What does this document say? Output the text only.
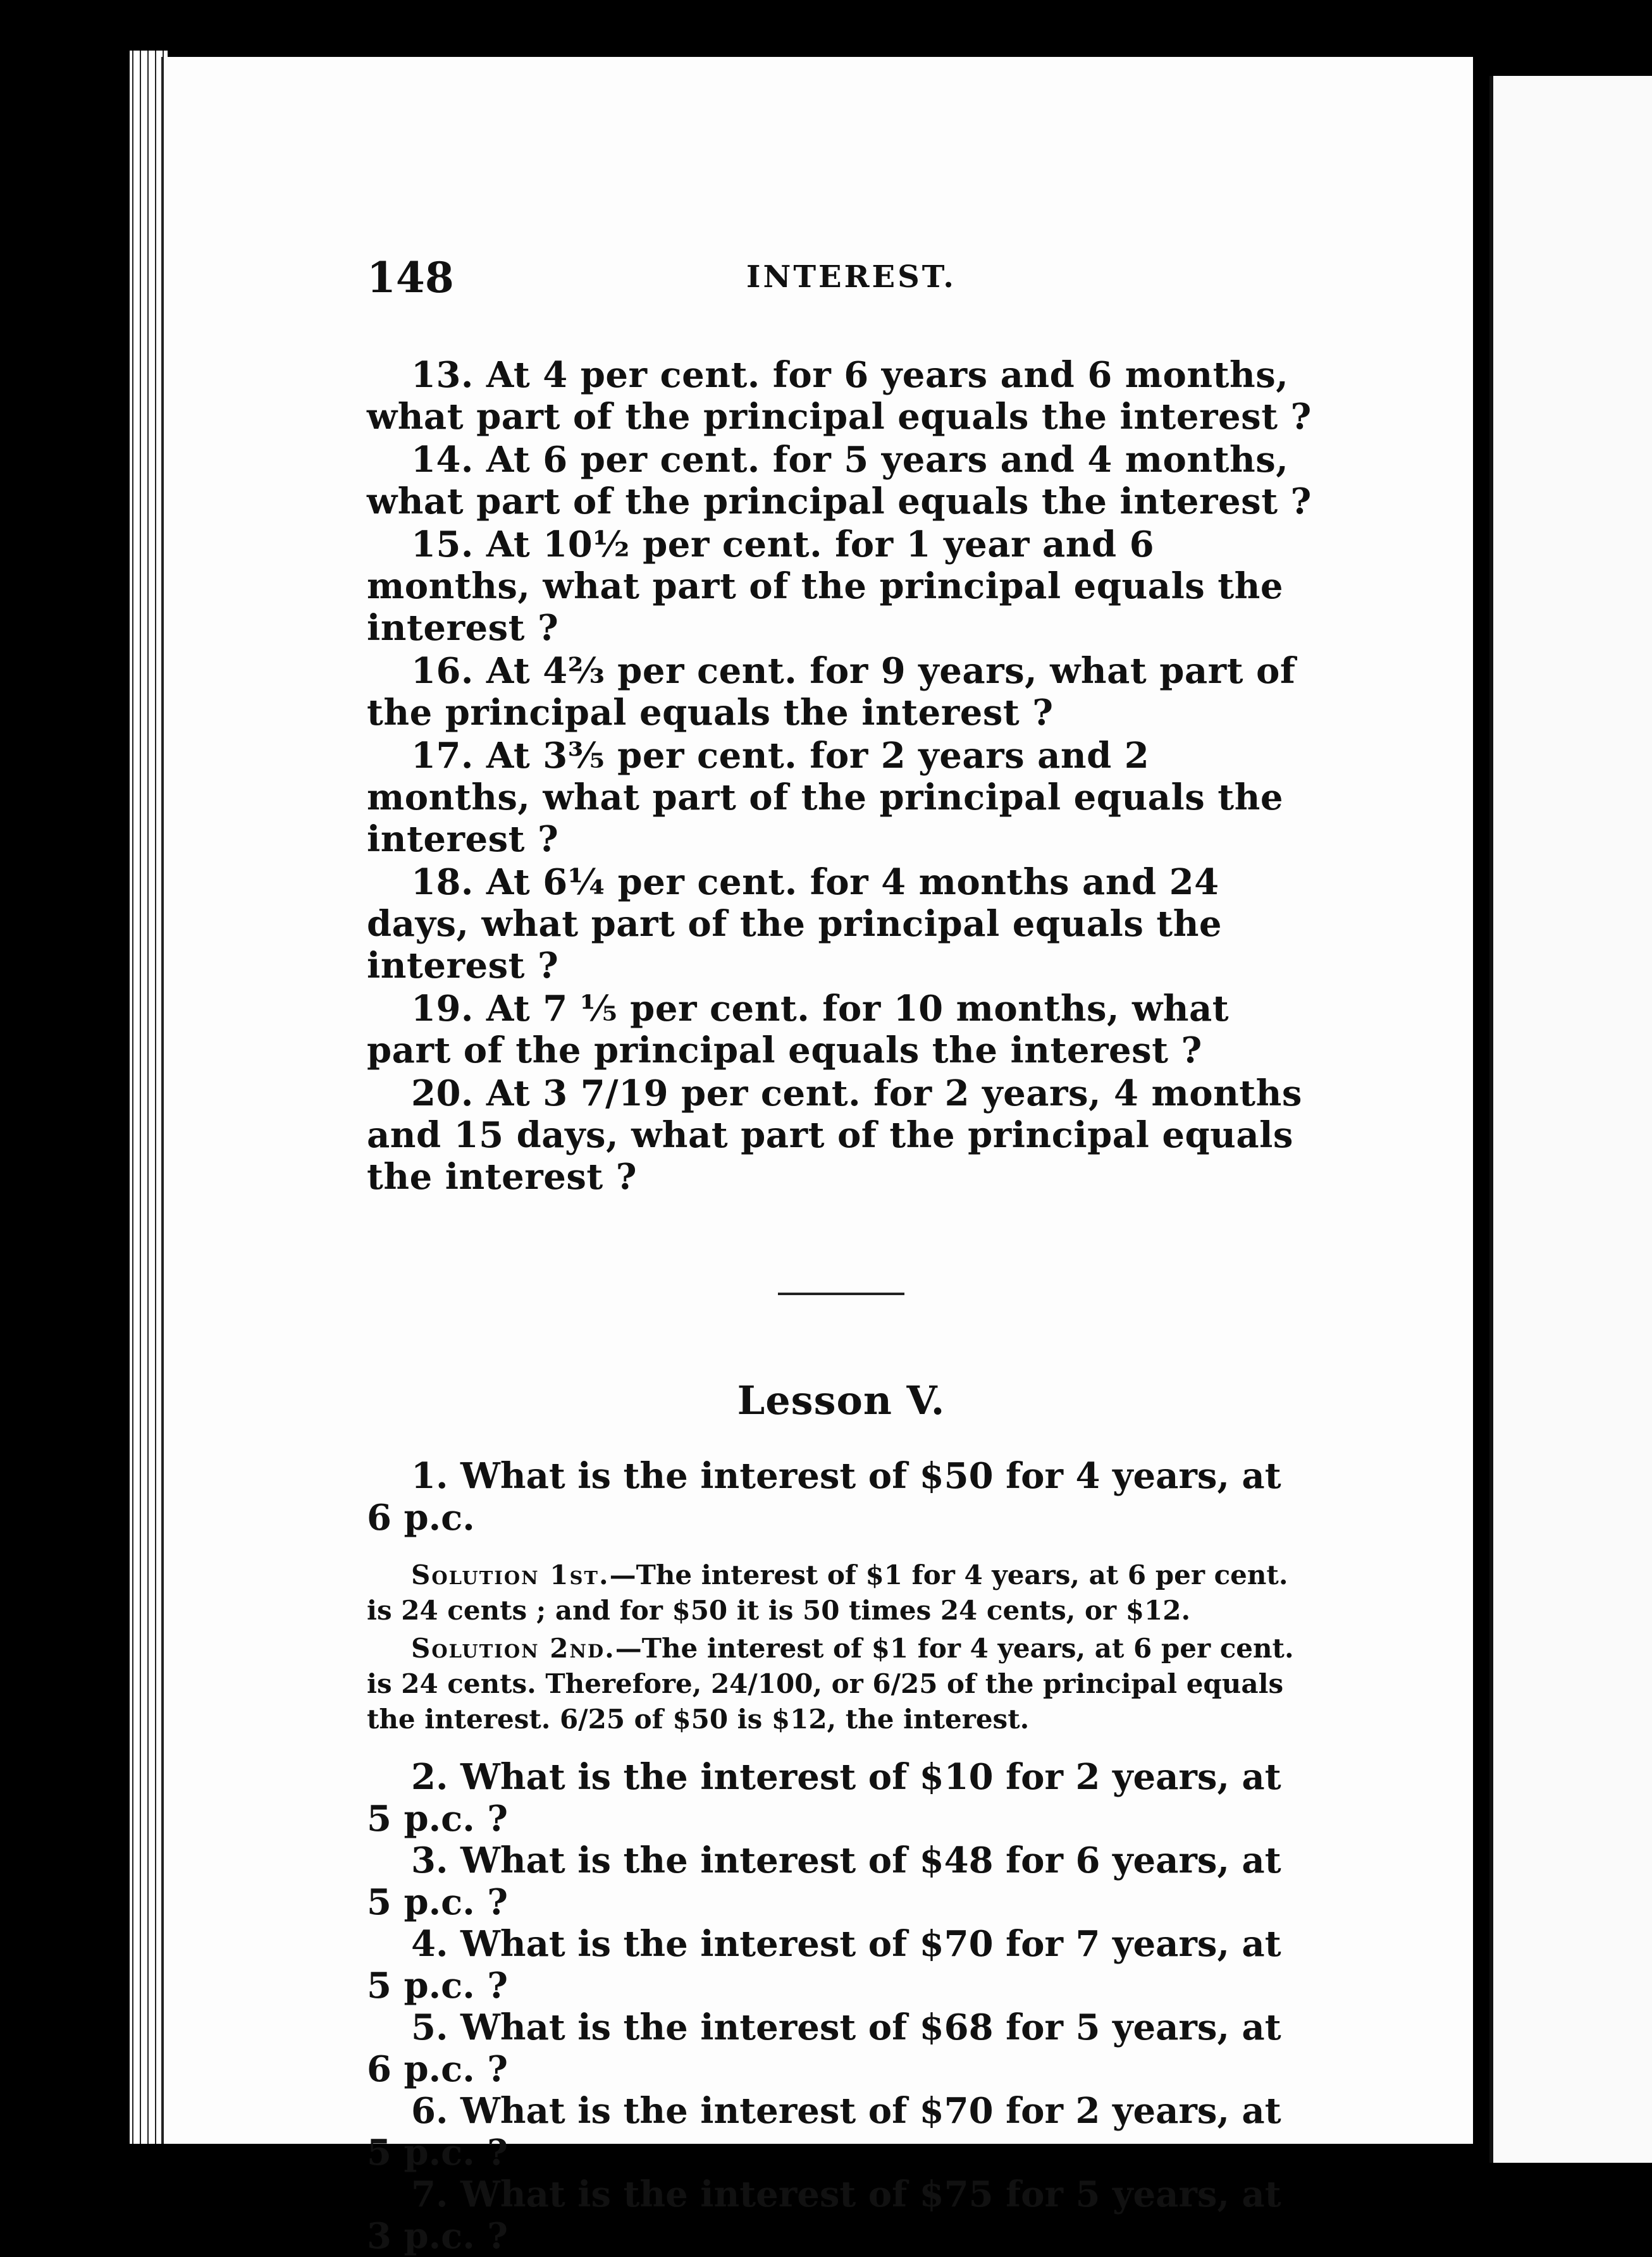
148	INTEREST.

13. At 4 per cent. for 6 years and 6 months, what part of the principal equals the interest ?

14. At 6 per cent. for 5 years and 4 months, what part of the principal equals the interest ?

15. At 10½ per cent. for 1 year and 6 months, what part of the principal equals the interest ?

16. At 4⅔ per cent. for 9 years, what part of the principal equals the interest ?

17. At 3⅗ per cent. for 2 years and 2 months, what part of the principal equals the interest ?

18. At 6¼ per cent. for 4 months and 24 days, what part of the principal equals the interest ?

19. At 7 ⅕ per cent. for 10 months, what part of the principal equals the interest ?

20. At 3 7/19 per cent. for 2 years, 4 months and 15 days, what part of the principal equals the interest ?

Lesson V.

1. What is the interest of $50 for 4 years, at 6 p.c.

Solution 1st.—The interest of $1 for 4 years, at 6 per cent. is 24 cents ; and for $50 it is 50 times 24 cents, or $12.

Solution 2nd.—The interest of $1 for 4 years, at 6 per cent. is 24 cents. Therefore, 24/100, or 6/25 of the principal equals the interest. 6/25 of $50 is $12, the interest.

2. What is the interest of $10 for 2 years, at 5 p.c. ?

3. What is the interest of $48 for 6 years, at 5 p.c. ?

4. What is the interest of $70 for 7 years, at 5 p.c. ?

5. What is the interest of $68 for 5 years, at 6 p.c. ?

6. What is the interest of $70 for 2 years, at 5 p.c. ?

7. What is the interest of $75 for 5 years, at 3 p.c. ?
